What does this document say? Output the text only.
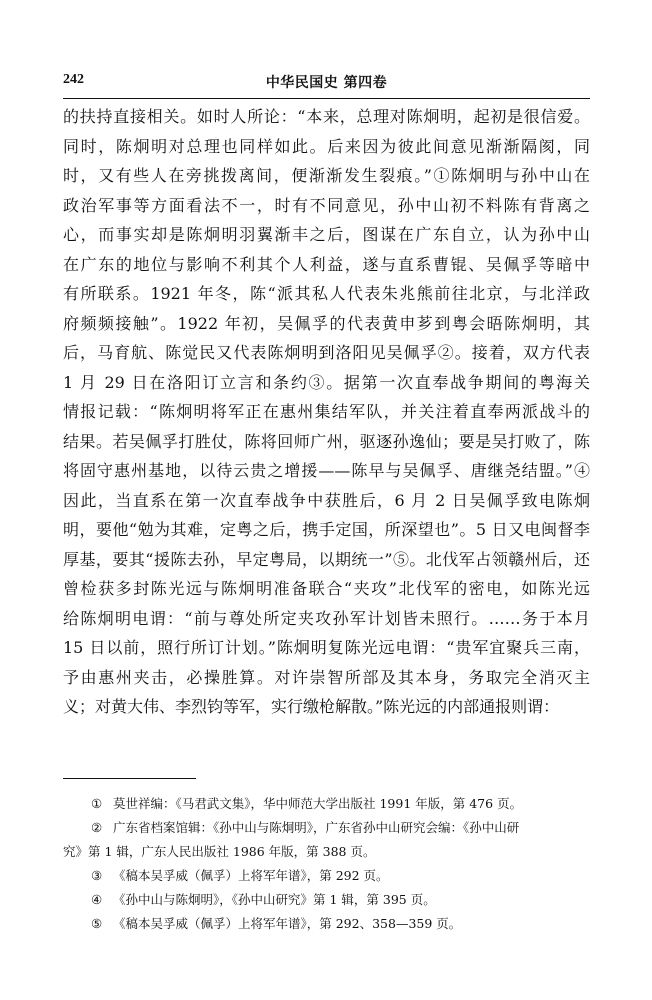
242	中华民国史 第四卷
的扶持直接相关。如时人所论：“本来，总理对陈炯明，起初是很信爱。
同时，陈炯明对总理也同样如此。后来因为彼此间意见渐渐隔阂，同
时，又有些人在旁挑拨离间，便渐渐发生裂痕。”①陈炯明与孙中山在
政治军事等方面看法不一，时有不同意见，孙中山初不料陈有背离之
心，而事实却是陈炯明羽翼渐丰之后，图谋在广东自立，认为孙中山
在广东的地位与影响不利其个人利益，遂与直系曹锟、吴佩孚等暗中
有所联系。1921 年冬，陈“派其私人代表朱兆熊前往北京，与北洋政
府频频接触”。1922 年初，吴佩孚的代表黄申芗到粤会晤陈炯明，其
后，马育航、陈觉民又代表陈炯明到洛阳见吴佩孚②。接着，双方代表
1 月 29 日在洛阳订立言和条约③。据第一次直奉战争期间的粤海关
情报记载：“陈炯明将军正在惠州集结军队，并关注着直奉两派战斗的
结果。若吴佩孚打胜仗，陈将回师广州，驱逐孙逸仙；要是吴打败了，陈
将固守惠州基地，以待云贵之增援——陈早与吴佩孚、唐继尧结盟。”④
因此，当直系在第一次直奉战争中获胜后，6 月 2 日吴佩孚致电陈炯
明，要他“勉为其难，定粤之后，携手定国，所深望也”。5 日又电闽督李
厚基，要其“援陈去孙，早定粤局，以期统一”⑤。北伐军占领赣州后，还
曾检获多封陈光远与陈炯明准备联合“夹攻”北伐军的密电，如陈光远
给陈炯明电谓：“前与尊处所定夹攻孙军计划皆未照行。……务于本月
15 日以前，照行所订计划。”陈炯明复陈光远电谓：“贵军宜聚兵三南，
予由惠州夹击，必操胜算。对许崇智所部及其本身，务取完全消灭主
义；对黄大伟、李烈钧等军，实行缴枪解散。”陈光远的内部通报则谓：
① 莫世祥编：《马君武文集》，华中师范大学出版社 1991 年版，第 476 页。
② 广东省档案馆辑：《孙中山与陈炯明》，广东省孙中山研究会编：《孙中山研
究》第 1 辑，广东人民出版社 1986 年版，第 388 页。
③ 《稿本吴孚威（佩孚）上将军年谱》，第 292 页。
④ 《孙中山与陈炯明》，《孙中山研究》第 1 辑，第 395 页。
⑤ 《稿本吴孚威（佩孚）上将军年谱》，第 292、358—359 页。
